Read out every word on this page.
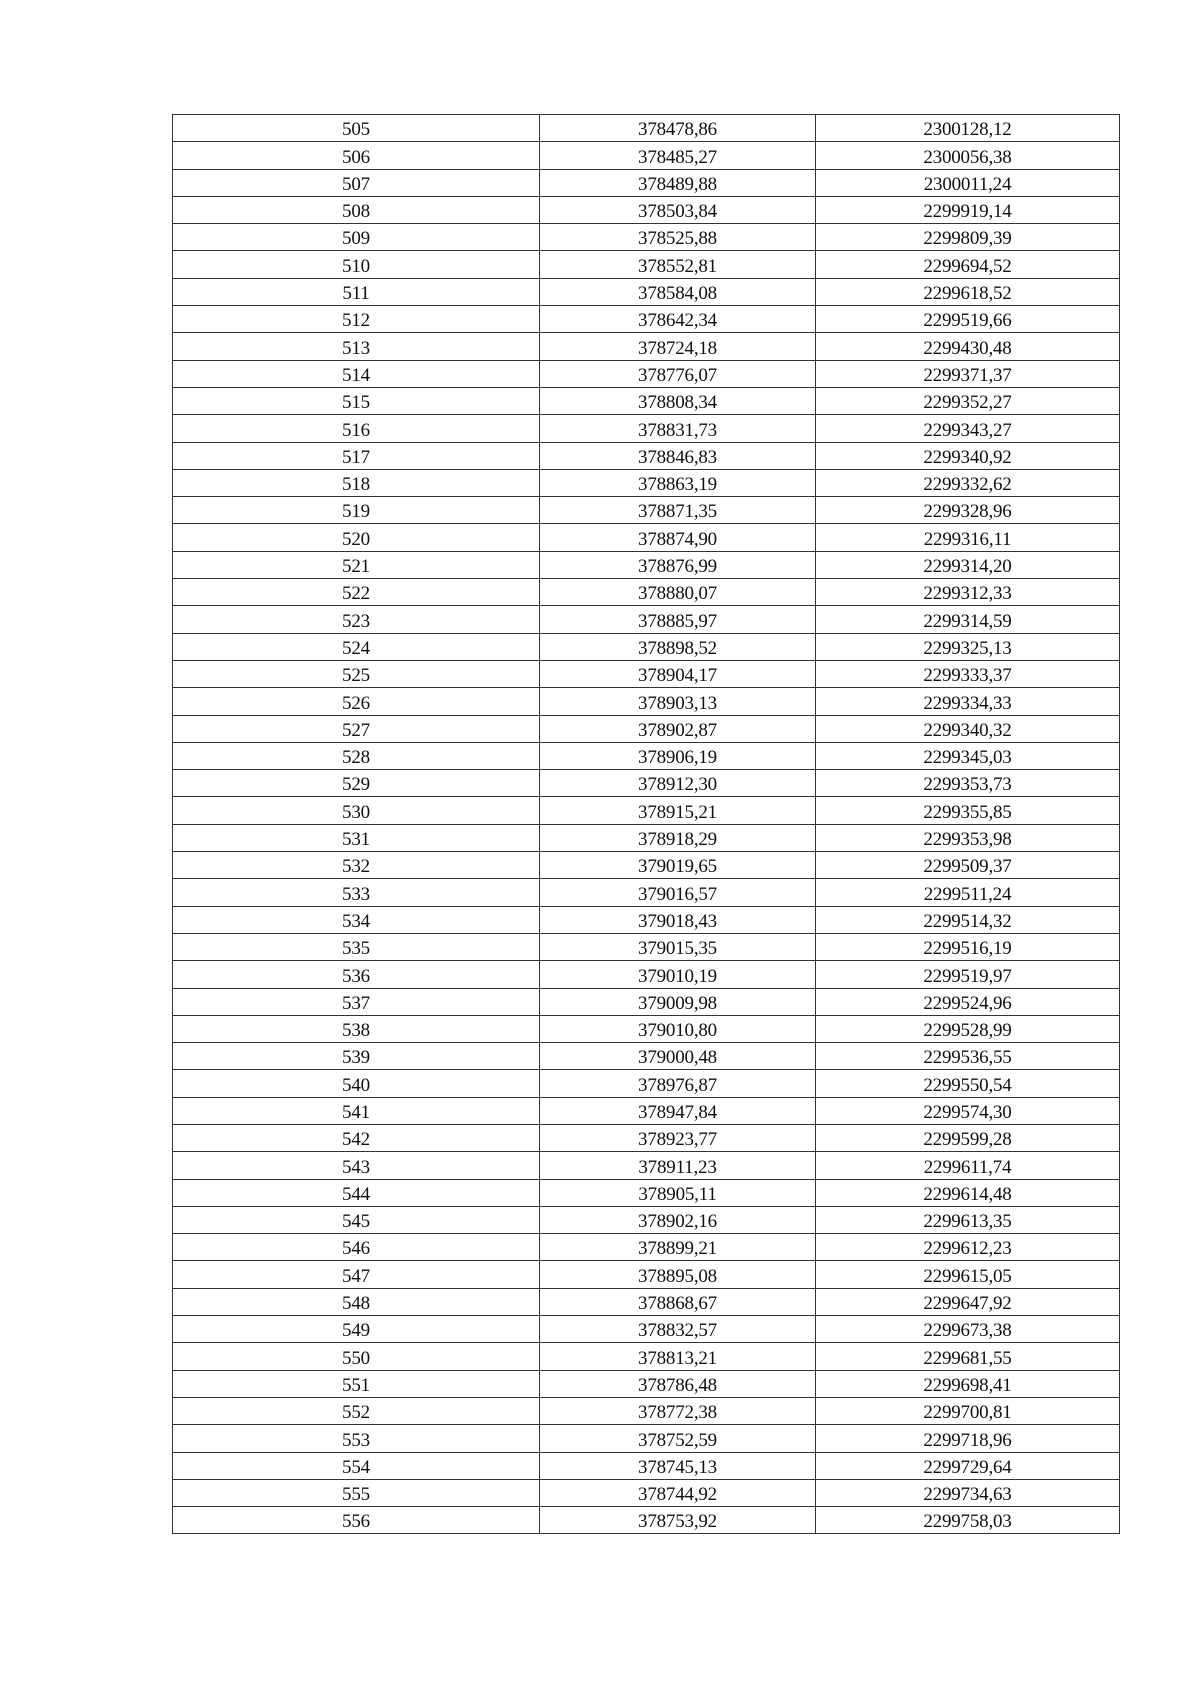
505	378478,86	2300128,12
506	378485,27	2300056,38
507	378489,88	2300011,24
508	378503,84	2299919,14
509	378525,88	2299809,39
510	378552,81	2299694,52
511	378584,08	2299618,52
512	378642,34	2299519,66
513	378724,18	2299430,48
514	378776,07	2299371,37
515	378808,34	2299352,27
516	378831,73	2299343,27
517	378846,83	2299340,92
518	378863,19	2299332,62
519	378871,35	2299328,96
520	378874,90	2299316,11
521	378876,99	2299314,20
522	378880,07	2299312,33
523	378885,97	2299314,59
524	378898,52	2299325,13
525	378904,17	2299333,37
526	378903,13	2299334,33
527	378902,87	2299340,32
528	378906,19	2299345,03
529	378912,30	2299353,73
530	378915,21	2299355,85
531	378918,29	2299353,98
532	379019,65	2299509,37
533	379016,57	2299511,24
534	379018,43	2299514,32
535	379015,35	2299516,19
536	379010,19	2299519,97
537	379009,98	2299524,96
538	379010,80	2299528,99
539	379000,48	2299536,55
540	378976,87	2299550,54
541	378947,84	2299574,30
542	378923,77	2299599,28
543	378911,23	2299611,74
544	378905,11	2299614,48
545	378902,16	2299613,35
546	378899,21	2299612,23
547	378895,08	2299615,05
548	378868,67	2299647,92
549	378832,57	2299673,38
550	378813,21	2299681,55
551	378786,48	2299698,41
552	378772,38	2299700,81
553	378752,59	2299718,96
554	378745,13	2299729,64
555	378744,92	2299734,63
556	378753,92	2299758,03
